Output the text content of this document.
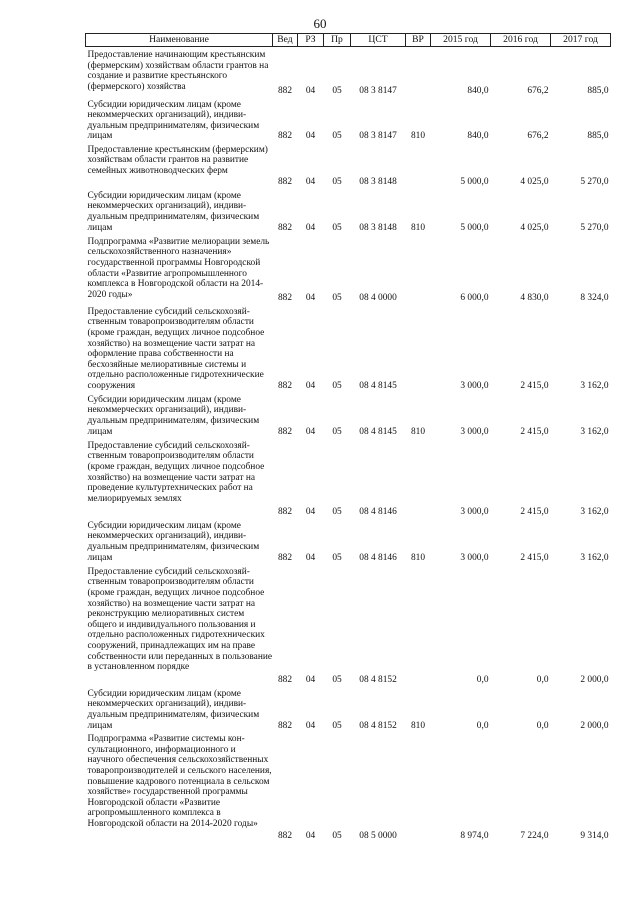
60
Наименование	Вед	РЗ	Пр	ЦСТ	ВР	2015 год	2016 год	2017 год
Предоставление начинающим крестьянским (фермерским) хозяйствам области грантов на создание и развитие крестьянского (фермерского) хозяйства	882	04	05	08 3 8147		840,0	676,2	885,0
Субсидии юридическим лицам (кроме некоммерческих организаций), индивидуальным предпринимателям, физическим лицам	882	04	05	08 3 8147	810	840,0	676,2	885,0
Предоставление крестьянским (фермерским) хозяйствам области грантов на развитие семейных животноводческих ферм	882	04	05	08 3 8148		5 000,0	4 025,0	5 270,0
Субсидии юридическим лицам (кроме некоммерческих организаций), индивидуальным предпринимателям, физическим лицам	882	04	05	08 3 8148	810	5 000,0	4 025,0	5 270,0
Подпрограмма «Развитие мелиорации земель сельскохозяйственного назначения» государственной программы Новгородской области «Развитие агропромышленного комплекса в Новгородской области на 2014-2020 годы»	882	04	05	08 4 0000		6 000,0	4 830,0	8 324,0
Предоставление субсидий сельскохозяйственным товаропроизводителям области (кроме граждан, ведущих личное подсобное хозяйство) на возмещение части затрат на оформление права собственности на бесхозяйные мелиоративные системы и отдельно расположенные гидротехнические сооружения	882	04	05	08 4 8145		3 000,0	2 415,0	3 162,0
Субсидии юридическим лицам (кроме некоммерческих организаций), индивидуальным предпринимателям, физическим лицам	882	04	05	08 4 8145	810	3 000,0	2 415,0	3 162,0
Предоставление субсидий сельскохозяйственным товаропроизводителям области (кроме граждан, ведущих личное подсобное хозяйство) на возмещение части затрат на проведение культуртехнических работ на мелиорируемых землях	882	04	05	08 4 8146		3 000,0	2 415,0	3 162,0
Субсидии юридическим лицам (кроме некоммерческих организаций), индивидуальным предпринимателям, физическим лицам	882	04	05	08 4 8146	810	3 000,0	2 415,0	3 162,0
Предоставление субсидий сельскохозяйственным товаропроизводителям области (кроме граждан, ведущих личное подсобное хозяйство) на возмещение части затрат на реконструкцию мелиоративных систем общего и индивидуального пользования и отдельно расположенных гидротехнических сооружений, принадлежащих им на праве собственности или переданных в пользование в установленном порядке	882	04	05	08 4 8152		0,0	0,0	2 000,0
Субсидии юридическим лицам (кроме некоммерческих организаций), индивидуальным предпринимателям, физическим лицам	882	04	05	08 4 8152	810	0,0	0,0	2 000,0
Подпрограмма «Развитие системы консультационного, информационного и научного обеспечения сельскохозяйственных товаропроизводителей и сельского населения, повышение кадрового потенциала в сельском хозяйстве» государственной программы Новгородской области «Развитие агропромышленного комплекса в Новгородской области на 2014-2020 годы»	882	04	05	08 5 0000		8 974,0	7 224,0	9 314,0
